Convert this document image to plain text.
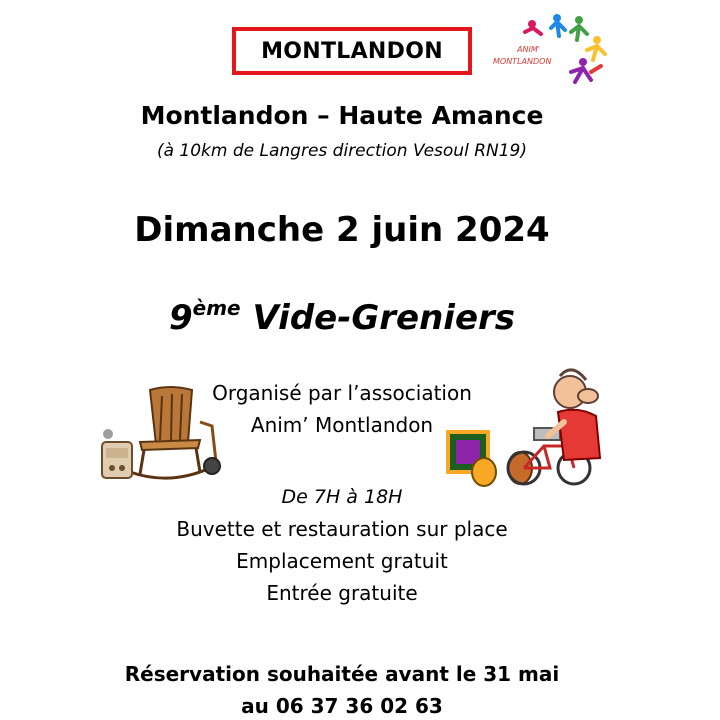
MONTLANDON	ANIM'
MONTLANDON
Montlandon – Haute Amance
(à 10km de Langres direction Vesoul RN19)
Dimanche 2 juin 2024
9ème Vide-Greniers
Organisé par l’association
Anim’ Montlandon
De 7H à 18H
Buvette et restauration sur place
Emplacement gratuit
Entrée gratuite
Réservation souhaitée avant le 31 mai
au 06 37 36 02 63
